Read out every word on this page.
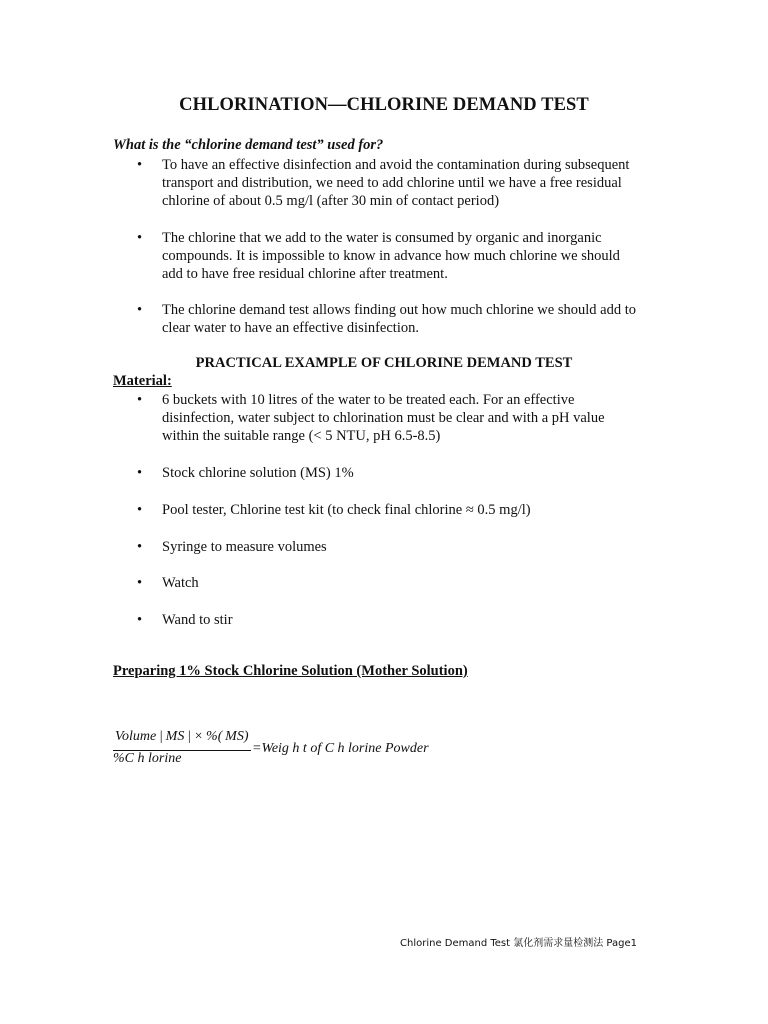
CHLORINATION—CHLORINE DEMAND TEST
What is the “chlorine demand test” used for?
• To have an effective disinfection and avoid the contamination during subsequent
transport and distribution, we need to add chlorine until we have a free residual
chlorine of about 0.5 mg/l (after 30 min of contact period)
• The chlorine that we add to the water is consumed by organic and inorganic
compounds. It is impossible to know in advance how much chlorine we should
add to have free residual chlorine after treatment.
• The chlorine demand test allows finding out how much chlorine we should add to
clear water to have an effective disinfection.
PRACTICAL EXAMPLE OF CHLORINE DEMAND TEST
Material:
• 6 buckets with 10 litres of the water to be treated each. For an effective
disinfection, water subject to chlorination must be clear and with a pH value
within the suitable range (< 5 NTU, pH 6.5-8.5)
• Stock chlorine solution (MS) 1%
• Pool tester, Chlorine test kit (to check final chlorine ≈ 0.5 mg/l)
• Syringe to measure volumes
• Watch
• Wand to stir
Preparing 1% Stock Chlorine Solution (Mother Solution)
Volume | MS | × %( MS)
%C h lorine
=Weig h t of C h lorine Powder
Chlorine Demand Test 氯化剂需求量检测法 Page1
